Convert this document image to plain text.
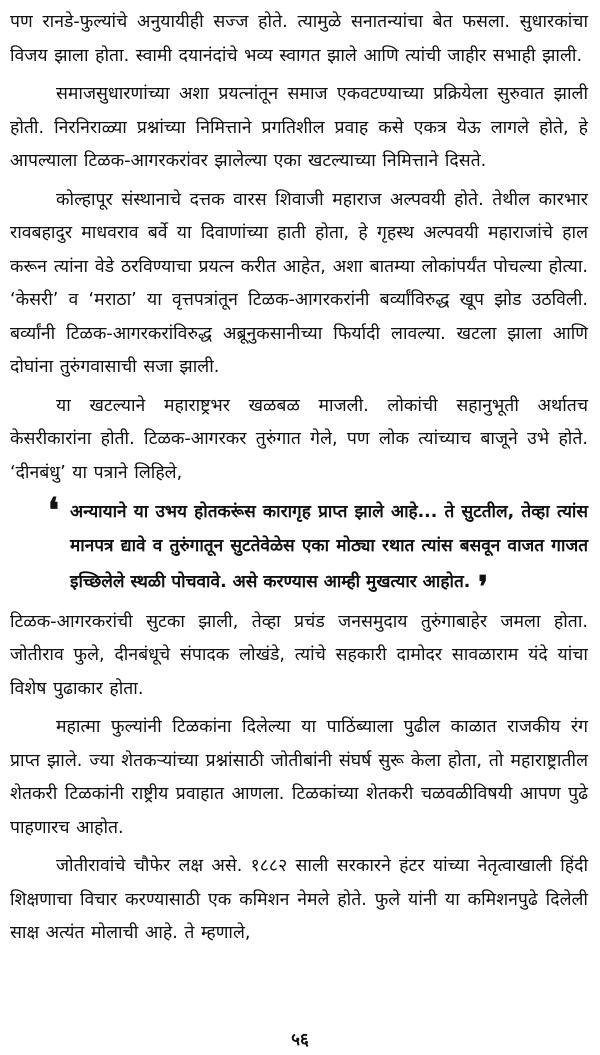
पण रानडे-फुल्यांचे अनुयायीही सज्ज होते. त्यामुळे सनातन्यांचा बेत फसला. सुधारकांचा विजय झाला होता. स्वामी दयानंदांचे भव्य स्वागत झाले आणि त्यांची जाहीर सभाही झाली.

समाजसुधारणांच्या अशा प्रयत्नांतून समाज एकवटण्याच्या प्रक्रियेला सुरुवात झाली होती. निरनिराळ्या प्रश्नांच्या निमित्ताने प्रगतिशील प्रवाह कसे एकत्र येऊ लागले होते, हे आपल्याला टिळक-आगरकरांवर झालेल्या एका खटल्याच्या निमित्ताने दिसते.

कोल्हापूर संस्थानाचे दत्तक वारस शिवाजी महाराज अल्पवयी होते. तेथील कारभार रावबहादुर माधवराव बर्वे या दिवाणांच्या हाती होता, हे गृहस्थ अल्पवयी महाराजांचे हाल करून त्यांना वेडे ठरविण्याचा प्रयत्न करीत आहेत, अशा बातम्या लोकांपर्यंत पोचल्या होत्या. ‘केसरी’ व ‘मराठा’ या वृत्तपत्रांतून टिळक-आगरकरांनी बर्व्यांविरुद्ध खूप झोड उठविली. बर्व्यांनी टिळक-आगरकरांविरुद्ध अब्रूनुकसानीच्या फिर्यादी लावल्या. खटला झाला आणि दोघांना तुरुंगवासाची सजा झाली.

या खटल्याने महाराष्ट्रभर खळबळ माजली. लोकांची सहानुभूती अर्थातच केसरीकारांना होती. टिळक-आगरकर तुरुंगात गेले, पण लोक त्यांच्याच बाजूने उभे होते. ‘दीनबंधु’ या पत्राने लिहिले,

❛ अन्यायाने या उभय होतकरूंस कारागृह प्राप्त झाले आहे... ते सुटतील, तेव्हा त्यांस मानपत्र द्यावे व तुरुंगातून सुटतेवेळेस एका मोठ्या रथात त्यांस बसवून वाजत गाजत इच्छिलेले स्थळी पोचवावे. असे करण्यास आम्ही मुखत्यार आहोत. ❜

टिळक-आगरकरांची सुटका झाली, तेव्हा प्रचंड जनसमुदाय तुरुंगाबाहेर जमला होता. जोतीराव फुले, दीनबंधूचे संपादक लोखंडे, त्यांचे सहकारी दामोदर सावळाराम यंदे यांचा विशेष पुढाकार होता.

महात्मा फुल्यांनी टिळकांना दिलेल्या या पाठिंब्याला पुढील काळात राजकीय रंग प्राप्त झाले. ज्या शेतकऱ्यांच्या प्रश्नांसाठी जोतीबांनी संघर्ष सुरू केला होता, तो महाराष्ट्रातील शेतकरी टिळकांनी राष्ट्रीय प्रवाहात आणला. टिळकांच्या शेतकरी चळवळीविषयी आपण पुढे पाहणारच आहोत.

जोतीरावांचे चौफेर लक्ष असे. १८८२ साली सरकारने हंटर यांच्या नेतृत्वाखाली हिंदी शिक्षणाचा विचार करण्यासाठी एक कमिशन नेमले होते. फुले यांनी या कमिशनपुढे दिलेली साक्ष अत्यंत मोलाची आहे. ते म्हणाले,

५६
